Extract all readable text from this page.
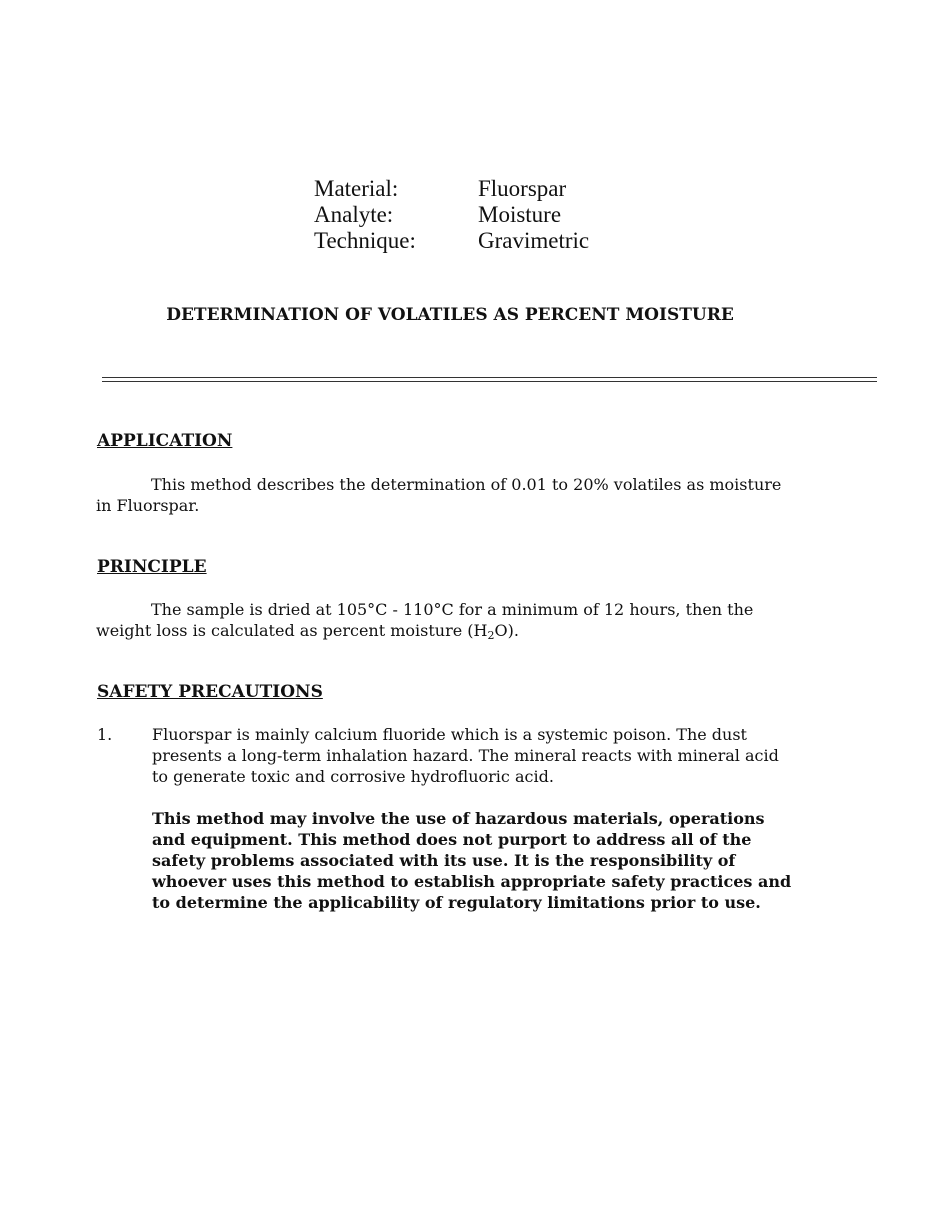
Material:	Fluorspar
Analyte:	Moisture
Technique:	Gravimetric
DETERMINATION OF VOLATILES AS PERCENT MOISTURE
APPLICATION
This method describes the determination of 0.01 to 20% volatiles as moisture in Fluorspar.
PRINCIPLE
The sample is dried at 105°C - 110°C for a minimum of 12 hours, then the weight loss is calculated as percent moisture $(H_2O)$.
SAFETY PRECAUTIONS
1. Fluorspar is mainly calcium fluoride which is a systemic poison. The dust presents a long-term inhalation hazard. The mineral reacts with mineral acid to generate toxic and corrosive hydrofluoric acid.
This method may involve the use of hazardous materials, operations and equipment. This method does not purport to address all of the safety problems associated with its use. It is the responsibility of whoever uses this method to establish appropriate safety practices and to determine the applicability of regulatory limitations prior to use.
